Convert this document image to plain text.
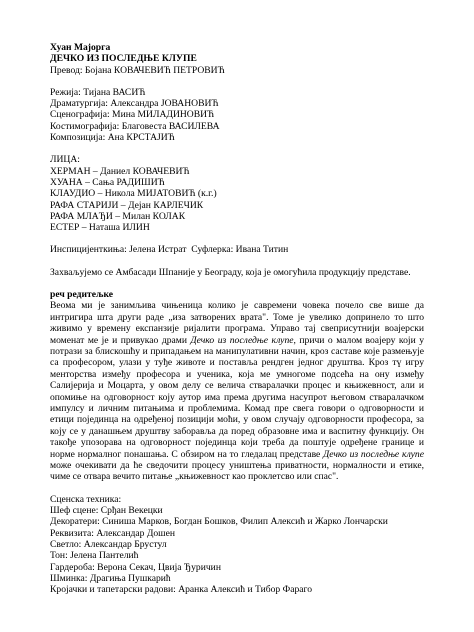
Хуан Мајорга
ДЕЧКО ИЗ ПОСЛЕДЊЕ КЛУПЕ
Превод: Бојана КОВАЧЕВИЋ ПЕТРОВИЋ
Режија: Тијана ВАСИЋ
Драматургија: Александра ЈОВАНОВИЋ
Сценографија: Мина МИЛАДИНОВИЋ
Костимографија: Благовеста ВАСИЛЕВА
Композиција: Ана КРСТАЈИЋ
ЛИЦА:
ХЕРМАН – Даниел КОВАЧЕВИЋ
ХУАНА – Сања РАДИШИЋ
КЛАУДИО – Никола МИЈАТОВИЋ (к.г.)
РАФА СТАРИЈИ – Дејан КАРЛЕЧИК
РАФА МЛАЂИ – Милан КОЛАК
ЕСТЕР – Наташа ИЛИН
Инспицијенткиња: Јелена Истрат  Суфлерка: Ивана Титин
Захваљујемо се Амбасади Шпаније у Београду, која је омогућила продукцију представе.
реч редитељке
Веома ми је занимљива чињеница колико је савремени човека почело све више да интригира шта други раде „иза затворених врата". Томе је увелико допринело то што живимо у времену експанзије ријалити програма. Управо тај свеприсутнији воајерски моменат ме је и привукао драми Дечко из последње клупе, причи о малом воајеру који у потрази за блискошћу и припадањем на манипулативни начин, кроз саставе које размењује са професором, улази у туђе животе и поставља рендген једног друштва. Кроз тү игру менторства између професора и ученика, која ме умногоме подсећа на ону између Салијерија и Моцарта, у овом делу се велича стваралачки процес и књижевност, али и опомиње на одговорност коју аутор има према другима насупрот његовом стваралачком импулсу и личним питањима и проблемима. Комад пре свега говори о одговорности и етици појединца на одређеној позицији моћи, у овом случају одговорности професора, за коју се у данашњем друштву заборавља да поред образовне има и васпитну функцију. Он такође упозорава на одговорност појединца који треба да поштује одређене границе и норме нормалног понашања. С обзиром на то гледалац представе Дечко из последње клупе може очекивати да ће сведочити процесу уништења приватности, нормалности и етике, чиме се отвара вечито питање „књижевност као проклетсво или спас".
Сценска техника:
Шеф сцене: Срђан Векецки
Декоратери: Синиша Марков, Богдан Бошков, Филип Алексић и Жарко Лончарски
Реквизита: Александар Дошен
Светло: Александар Брустул
Тон: Јелена Пантелић
Гардероба: Верона Секач, Цвија Ђуричин
Шминка: Драгиња Пушкарић
Кројачки и тапетарски радови: Аранка Алексић и Тибор Фараго
